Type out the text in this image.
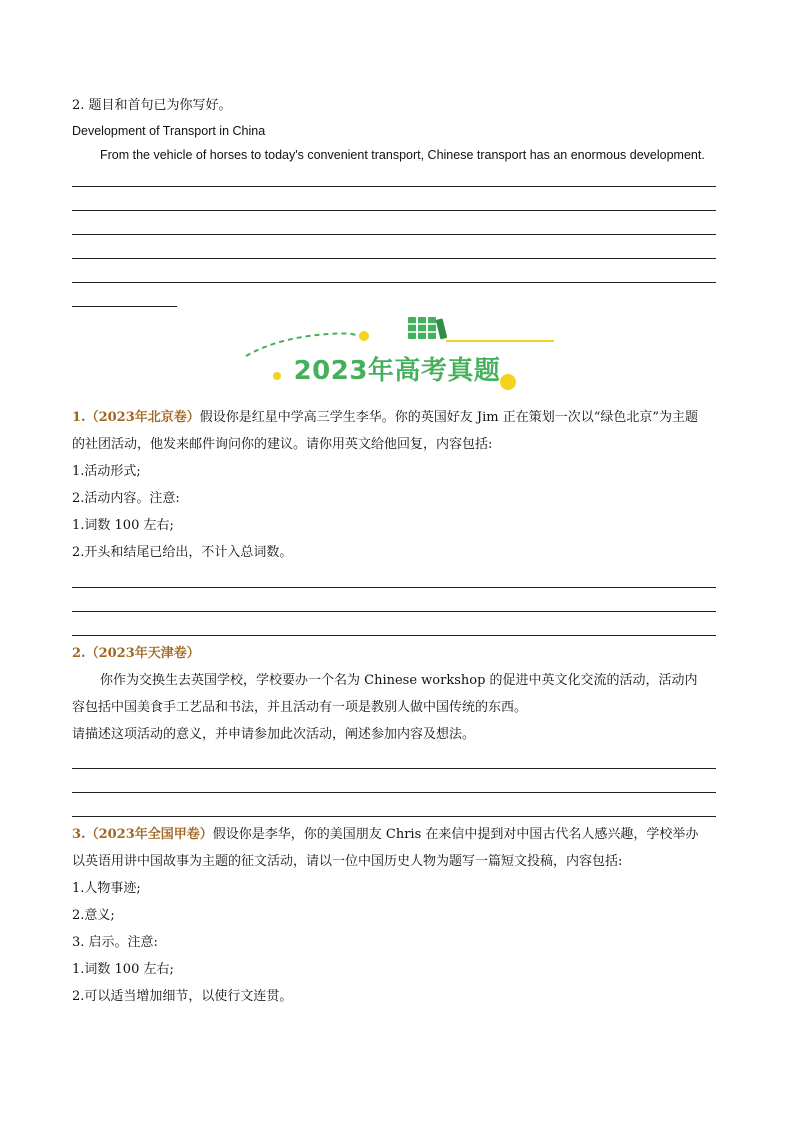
2. 题目和首句已为你写好。
Development of Transport in China
From the vehicle of horses to today's convenient transport, Chinese transport has an enormous development.
2023年高考真题
1.（2023年北京卷）假设你是红星中学高三学生李华。你的英国好友 Jim 正在策划一次以“绿色北京”为主题
的社团活动，他发来邮件询问你的建议。请你用英文给他回复，内容包括:
1.活动形式;
2.活动内容。注意:
1.词数 100 左右;
2.开头和结尾已给出，不计入总词数。
2.（2023年天津卷）
你作为交换生去英国学校，学校要办一个名为 Chinese workshop 的促进中英文化交流的活动，活动内
容包括中国美食手工艺品和书法，并且活动有一项是教别人做中国传统的东西。
请描述这项活动的意义，并申请参加此次活动，阐述参加内容及想法。
3.（2023年全国甲卷）假设你是李华，你的美国朋友 Chris 在来信中提到对中国古代名人感兴趣，学校举办
以英语用讲中国故事为主题的征文活动，请以一位中国历史人物为题写一篇短文投稿，内容包括:
1.人物事迹;
2.意义;
3. 启示。注意:
1.词数 100 左右;
2.可以适当增加细节，以使行文连贯。
